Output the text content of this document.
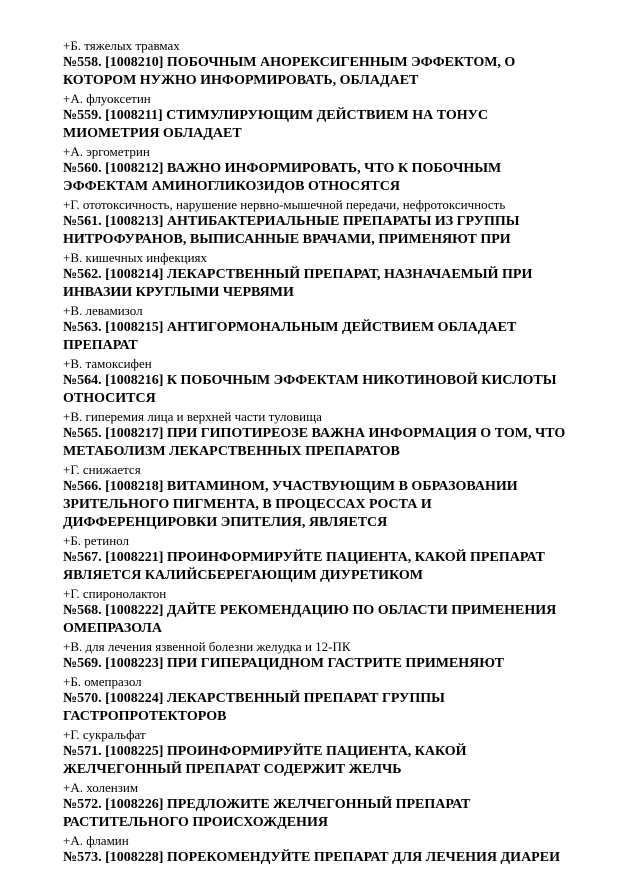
+Б. тяжелых травмах
№558. [1008210] ПОБОЧНЫМ АНОРЕКСИГЕННЫМ ЭФФЕКТОМ, О КОТОРОМ НУЖНО ИНФОРМИРОВАТЬ, ОБЛАДАЕТ
+А. флуоксетин
№559. [1008211] СТИМУЛИРУЮЩИМ ДЕЙСТВИЕМ НА ТОНУС МИОМЕТРИЯ ОБЛАДАЕТ
+А. эргометрин
№560. [1008212] ВАЖНО ИНФОРМИРОВАТЬ, ЧТО К ПОБОЧНЫМ ЭФФЕКТАМ АМИНОГЛИКОЗИДОВ ОТНОСЯТСЯ
+Г. ототоксичность, нарушение нервно-мышечной передачи, нефротоксичность
№561. [1008213] АНТИБАКТЕРИАЛЬНЫЕ ПРЕПАРАТЫ ИЗ ГРУППЫ НИТРОФУРАНОВ, ВЫПИСАННЫЕ ВРАЧАМИ, ПРИМЕНЯЮТ ПРИ
+В. кишечных инфекциях
№562. [1008214] ЛЕКАРСТВЕННЫЙ ПРЕПАРАТ, НАЗНАЧАЕМЫЙ ПРИ ИНВАЗИИ КРУГЛЫМИ ЧЕРВЯМИ
+В. левамизол
№563. [1008215] АНТИГОРМОНАЛЬНЫМ ДЕЙСТВИЕМ ОБЛАДАЕТ ПРЕПАРАТ
+В. тамоксифен
№564. [1008216] К ПОБОЧНЫМ ЭФФЕКТАМ НИКОТИНОВОЙ КИСЛОТЫ ОТНОСИТСЯ
+В. гиперемия лица и верхней части туловища
№565. [1008217] ПРИ ГИПОТИРЕОЗЕ ВАЖНА ИНФОРМАЦИЯ О ТОМ, ЧТО МЕТАБОЛИЗМ ЛЕКАРСТВЕННЫХ ПРЕПАРАТОВ
+Г. снижается
№566. [1008218] ВИТАМИНОМ, УЧАСТВУЮЩИМ В ОБРАЗОВАНИИ ЗРИТЕЛЬНОГО ПИГМЕНТА, В ПРОЦЕССАХ РОСТА И ДИФФЕРЕНЦИРОВКИ ЭПИТЕЛИЯ, ЯВЛЯЕТСЯ
+Б. ретинол
№567. [1008221] ПРОИНФОРМИРУЙТЕ ПАЦИЕНТА, КАКОЙ ПРЕПАРАТ ЯВЛЯЕТСЯ КАЛИЙСБЕРЕГАЮЩИМ ДИУРЕТИКОМ
+Г. спиронолактон
№568. [1008222] ДАЙТЕ РЕКОМЕНДАЦИЮ ПО ОБЛАСТИ ПРИМЕНЕНИЯ ОМЕПРАЗОЛА
+В. для лечения язвенной болезни желудка и 12-ПК
№569. [1008223] ПРИ ГИПЕРАЦИДНОМ ГАСТРИТЕ ПРИМЕНЯЮТ
+Б. омепразол
№570. [1008224] ЛЕКАРСТВЕННЫЙ ПРЕПАРАТ ГРУППЫ ГАСТРОПРОТЕКТОРОВ
+Г. сукральфат
№571. [1008225] ПРОИНФОРМИРУЙТЕ ПАЦИЕНТА, КАКОЙ ЖЕЛЧЕГОННЫЙ ПРЕПАРАТ СОДЕРЖИТ ЖЕЛЧЬ
+А. холензим
№572. [1008226] ПРЕДЛОЖИТЕ ЖЕЛЧЕГОННЫЙ ПРЕПАРАТ РАСТИТЕЛЬНОГО ПРОИСХОЖДЕНИЯ
+А. фламин
№573. [1008228] ПОРЕКОМЕНДУЙТЕ ПРЕПАРАТ ДЛЯ ЛЕЧЕНИЯ ДИАРЕИ
